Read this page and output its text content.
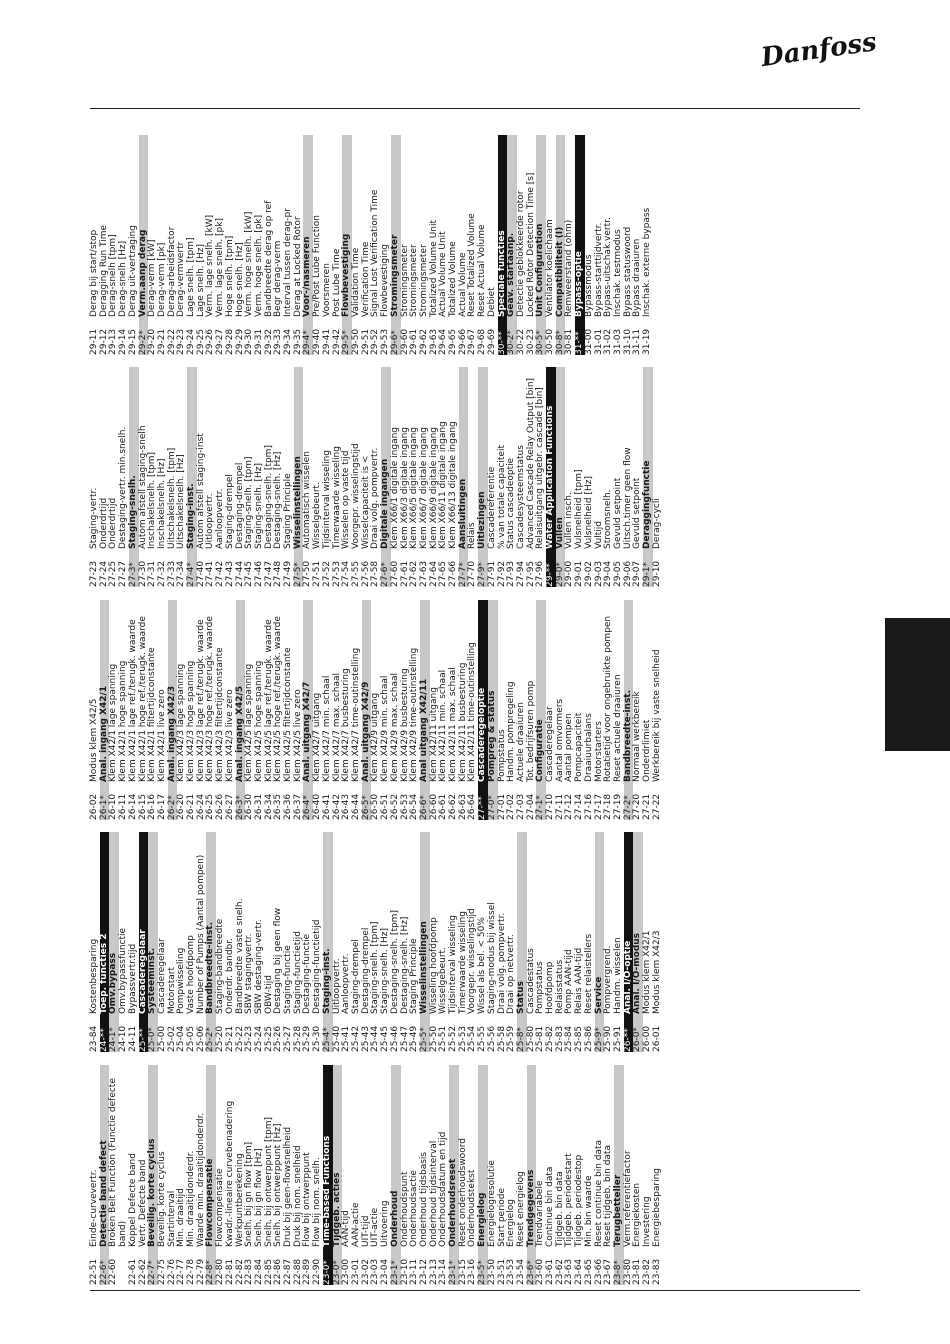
Danfoss
22-51
Einde-curvevertr.
22-6*
Detectie band defect
22-60
Broken Belt Function (Functie defecte band)
22-61
Koppel Defecte band
22-62
Vertr. Defecte band
22-7*
Beveilig. korte cyclus
22-75
Beveilig. korte cyclus
22-76
Startinterval
22-77
Min. draaitijd
22-78
Min. draaitijdonderdr.
22-79
Waarde min. draaitijdonderdr.
22-8*
Flowcompensatie
22-80
Flowcompensatie
22-81
Kwadr.-lineaire curvebenadering
22-82
Werkpuntberekening
22-83
Snelh. bij gn flow [tpm]
22-84
Snelh. bij gn flow [Hz]
22-85
Snelh. bij ontwerppunt [tpm]
22-86
Snelh. bij ontwerppunt [Hz]
22-87
Druk bij geen-flowsnelheid
22-88
Druk bij nom. snelheid
22-89
Flow bij ontwerppunt
22-90
Flow bij nom. snelh.
23-0*
Time-based Functions
23-0*
Tijdgeb. acties
23-00
AAN-tijd
23-01
AAN-actie
23-02
UIT-tijd
23-03
UIT-actie
23-04
Uitvoering
23-1*
Onderhoud
23-10
Onderhoudspunt
23-11
Onderhoudsactie
23-12
Onderhoud tijdsbasis
23-13
Onderhoud tijdsinterval
23-14
Onderhoudsdatum en tijd
23-1*
Onderhoudsreset
23-15
Reset onderhoudswoord
23-16
Onderhoudstekst
23-5*
Energielog
23-50
Energielogresolutie
23-51
Start periode
23-53
Energielog
23-54
Reset energielog
23-6*
Trendgegevens
23-60
Trendvariabele
23-61
Continue bin data
23-62
Tijdgeb. bin data
23-63
Tijdgeb. periodestart
23-64
Tijdgeb. periodestop
23-65
Min. bin waarde
23-66
Reset continue bin data
23-67
Reset tijdgeb. bin data
23-8*
Terugbetteller
23-80
Verm.referentiefactor
23-81
Energiekosten
23-82
Investering
23-83
Energiebesparing
23-84
Kostenbesparing
24-**
Toep. functies 2
24-1*
Omv.bypass
24-10
Omv.bypassfunctie
24-11
Bypassvertr.tijd
25-**
Cascaderegelaar
25-0*
Systeeminst.
25-00
Cascaderegelaar
25-02
Motorstart
25-04
Pompwisseling
25-05
Vaste hoofdpomp
25-06
Number of Pumps (Aantal pompen)
25-2*
Bandbreedte-inst.
25-20
Staging-bandbreedte
25-21
Onderdr. bandbr.
25-22
Bandbreedte vaste snelh.
25-23
SBW stagingvertr.
25-24
SBW destaging-vertr.
25-25
OBW-tijd
25-26
Destaging bij geen flow
25-27
Staging-functie
25-28
Staging-functietijd
25-29
Destaging-functie
25-30
Destaging-functietijd
25-4*
Staging-inst.
25-40
Uitloopvertr.
25-41
Aanloopvertr.
25-42
Staging-drempel
25-43
Destaging-drempel
25-44
Staging-snelh. [tpm]
25-45
Staging-snelh. [Hz]
25-46
Destaging-snelh. [tpm]
25-47
Destaging-snelh. [Hz]
25-49
Staging Principle
25-5*
Wisselinstellingen
25-50
Wisseling hoofdpomp
25-51
Wisselgebeurt.
25-52
Tijdsinterval wisseling
25-53
Timerwaarde wisseling
25-54
Voorgepr. wisselingstijd
25-55
Wissel als bel. < 50%
25-56
Staging-modus bij wissel
25-58
Draai volg. pompvertr.
25-59
Draai op netvertr.
25-8*
Status
25-80
Cascadestatus
25-81
Pompstatus
25-82
Hoofdpomp
25-83
Relaisstatus
25-84
Pomp AAN-tijd
25-85
Relais AAN-tijd
25-86
Reset relaistellers
25-9*
Service
25-90
Pompvergrend.
25-91
Handm. wisselen
26-**
Anal. I/O-optie
26-0*
Anal. I/O-modus
26-00
Modus klem X42/1
26-01
Modus klem X42/3
26-02
Modus klem X42/5
26-1*
Anal. ingang X42/1
26-10
Klem X42/1 lage spanning
26-11
Klem X42/1 hoge spanning
26-14
Klem X42/1 lage ref./terugk. waarde
26-15
Klem X42/1 hoge ref./terugk. waarde
26-16
Klem X42/1 filtertijdconstante
26-17
Klem X42/1 live zero
26-2*
Anal. ingang X42/3
26-20
Klem X42/3 lage spanning
26-21
Klem X42/3 hoge spanning
26-24
Klem X42/3 lage ref./terugk. waarde
26-25
Klem X42/3 hoge ref./terugk. waarde
26-26
Klem X42/3 filtertijdconstante
26-27
Klem X42/3 live zero
26-3*
Anal. ingang X42/5
26-30
Klem X42/5 lage spanning
26-31
Klem X42/5 hoge spanning
26-34
Klem X42/5 lage ref./terugk. waarde
26-35
Klem X42/5 hoge ref./terugk. waarde
26-36
Klem X42/5 filtertijdconstante
26-37
Klem X42/5 live zero
26-4*
Anal. uitgang X42/7
26-40
Klem X42/7 uitgang
26-41
Klem X42/7 min. schaal
26-42
Klem X42/7 max. schaal
26-43
Klem X42/7 busbesturing
26-44
Klem X42/7 time-outinstelling
26-5*
Anal. uitgang X42/9
26-50
Klem X42/9 uitgang
26-51
Klem X42/9 min. schaal
26-52
Klem X42/9 max. schaal
26-53
Klem X42/9 busbesturing
26-54
Klem X42/9 time-outinstelling
26-6*
Anal uitgang X42/11
26-60
Klem X42/11 uitgang
26-61
Klem X42/11 min. schaal
26-62
Klem X42/11 max. schaal
26-63
Klem X42/11 busbesturing
26-64
Klem X42/11 time-outinstelling
27-**
Cascaderegeloptie
27-0*
Pompreg & status
27-01
Pompstatus
27-02
Handm. pompregeling
27-03
Actuele draaiuren
27-04
Tot. bedrijfsuren pomp
27-1*
Configuratie
27-10
Cascaderegelaar
27-11
Aantal omvormers
27-12
Aantal pompen
27-14
Pompcapaciteit
27-16
Draaiuurbalans
27-17
Motorstarters
27-18
Rotatietijd voor ongebruikte pompen
27-19
Reset actuele draaiuren
27-2*
Bandbreedte-inst.
27-20
Normaal werkbereik
27-21
Onderdrlimiet
27-22
Werkbereik bij vaste snelheid
27-23
Staging-vertr.
27-24
Onderdrtijd
27-25
Onderdrtijd
27-27
Destaging-vertr. min.snelh.
27-3*
Staging-snelh.
27-30
Autom afstell staging-snelh
27-31
Inschakelsnelh. [tpm]
27-32
Inschakelsnelh. [Hz]
27-33
Uitschakelsnelh. [tpm]
27-34
Uitschakelsnelh. [Hz]
27-4*
Staging-inst.
27-40
Autom afstell staging-inst
27-41
Uitloopvertr.
27-42
Aanloopvertr.
27-43
Staging-drempel
27-44
Destaging-drempel
27-45
Staging-snelh. [tpm]
27-46
Staging-snelh. [Hz]
27-47
Destaging-snelh. [tpm]
27-48
Destaging-snelh. [Hz]
27-49
Staging Principle
27-5*
Wisselinstellingen
27-50
Automatisch wisselen
27-51
Wisselgebeurt.
27-52
Tijdsinterval wisseling
27-53
Timerwaarde wisseling
27-54
Wisselen op vaste tijd
27-55
Voorgepr. wisselingstijd
27-56
Wisselcapaciteit is <
27-58
Draai volg. pompvertr.
27-6*
Digitale ingangen
27-60
Klem X66/1 digitale ingang
27-61
Klem X66/3 digitale ingang
27-62
Klem X66/5 digitale ingang
27-63
Klem X66/7 digitale ingang
27-64
Klem X66/9 digitale ingang
27-65
Klem X66/11 digitale ingang
27-66
Klem X66/13 digitale ingang
27-7*
Aansluitingen
27-70
Relais
27-9*
Uitlezingen
27-91
Cascadereferentie
27-92
% van totale capaciteit
27-93
Status cascadeoptie
27-94
Cascadesysteemstatus
27-95
Advanced Cascade Relay Output [bin]
27-96
Relaisuitgang uitgebr. cascade [bin]
29-**
Water Application Functions
29-0*
Vullen
29-00
Vullen insch.
29-01
Vulsnelheid [tpm]
29-02
Vulsnelheid [Hz]
29-03
Vultijd
29-04
Stroomsnelh.
29-05
Gevuld setpoint
29-06
Uitsch.timer geen flow
29-07
Gevuld setpoint
29-1*
Deraggingfunctie
29-10
Derag-cycli
29-11
Derag bij start/stop
29-12
Deragging Run Time
29-13
Derag-snelh [tpm]
29-14
Derag-snelh [Hz]
29-15
Derag uit-vertraging
29-2*
Verm.aanp derag
29-20
Derag-verm [kW]
29-21
Derag-verm [pk]
29-22
Derag-arbeidsfactor
29-23
Derag-vermvertr
29-24
Lage snelh. [tpm]
29-25
Lage snelh. [Hz]
29-26
Verm. lage snelh. [kW]
29-27
Verm. lage snelh. [pk]
29-28
Hoge snelh. [tpm]
29-29
Hoge snelh. [Hz]
29-30
Verm. hoge snelh. [kW]
29-31
Verm. hoge snelh. [pk]
29-32
Bandbreedte derag op ref
29-33
Begr derag-verm
29-34
Interval tussen derag-pr
29-35
Derag at Locked Rotor
29-4*
Voor-/nasmeren
29-40
Pre/Post Lube Function
29-41
Voorsmeren
29-42
Post Lube Time
29-5*
Flowbevestiging
29-50
Validation Time
29-51
Verification Time
29-52
Signal Lost Verification Time
29-53
Flowbevestiging
29-6*
Stromingsmeter
29-60
Stromingsmeter
29-61
Stromingsmeter
29-62
Stromingsmeter
29-63
Totalized Volume Unit
29-64
Actual Volume Unit
29-65
Totalized Volume
29-66
Actual Volume
29-67
Reset Totalized Volume
29-68
Reset Actual Volume
29-69
Debiet
30-**
Speciale functies
30-2*
Geav. startaanp.
30-22
Detectie geblokkeerde rotor
30-23
Locked Rotor Detection Time [s]
30-5*
Unit Configuration
30-50
Ventilator koelichaam
30-8*
Compatibiliteit (I)
30-81
Remweerstand (ohm)
31-**
Bypass-optie
31-00
Bypassmodus
31-01
Bypass-starttijdvertr.
31-02
Bypass-uitschak.vertr.
31-03
Inschak. testmodus
31-10
Bypass statuswoord
31-11
Bypass draaiuren
31-19
Inschak. externe bypass
